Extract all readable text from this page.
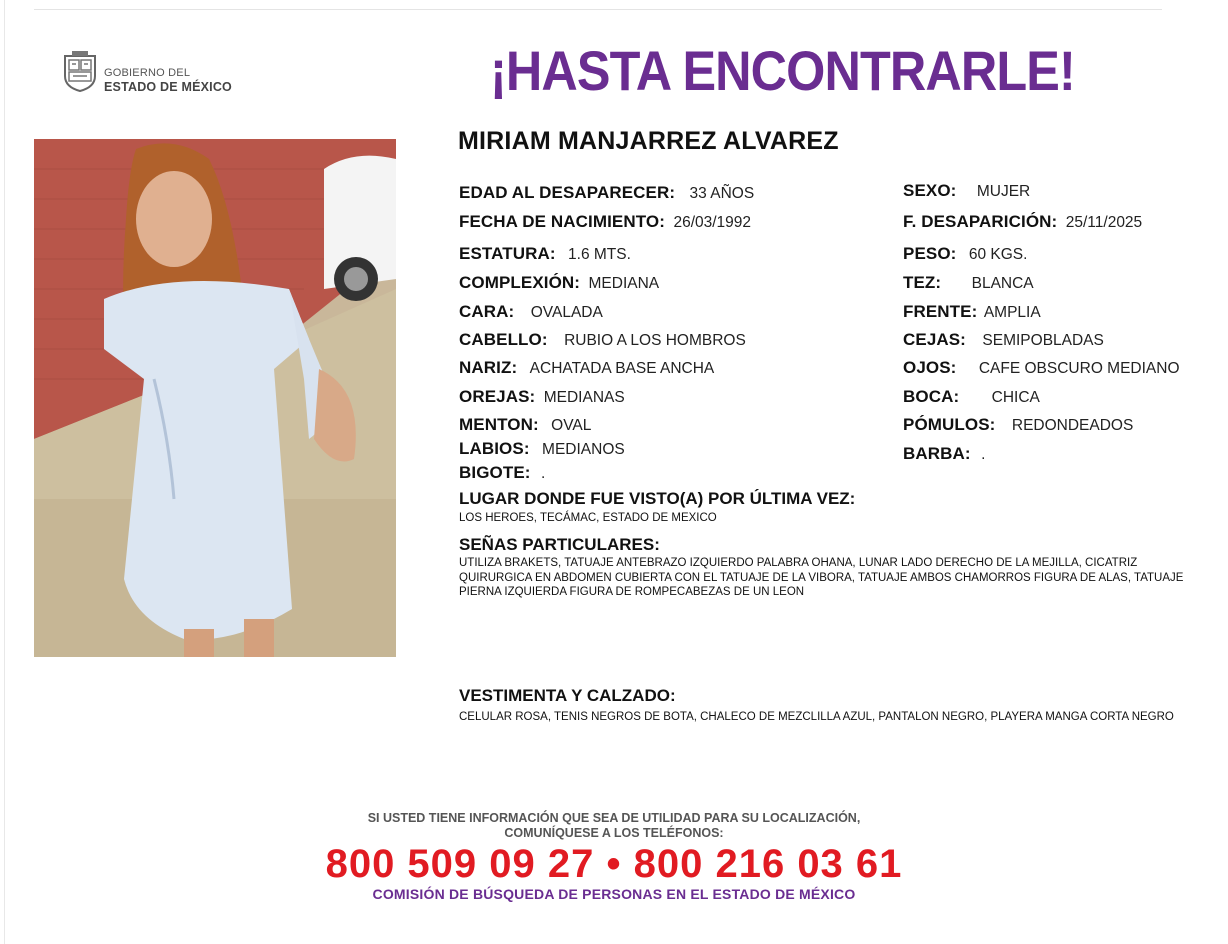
GOBIERNO DEL
ESTADO DE MÉXICO	¡HASTA ENCONTRARLE!
MIRIAM MANJARREZ ALVAREZ
EDAD AL DESAPARECER: 33 AÑOS
FECHA DE NACIMIENTO: 26/03/1992
ESTATURA: 1.6 MTS.
COMPLEXIÓN: MEDIANA
CARA: OVALADA
CABELLO: RUBIO A LOS HOMBROS
NARIZ: ACHATADA BASE ANCHA
OREJAS: MEDIANAS
MENTON: OVAL
LABIOS: MEDIANOS
BIGOTE: .
SEXO: MUJER
F. DESAPARICIÓN: 25/11/2025
PESO: 60 KGS.
TEZ: BLANCA
FRENTE: AMPLIA
CEJAS: SEMIPOBLADAS
OJOS: CAFE OBSCURO MEDIANO
BOCA: CHICA
PÓMULOS: REDONDEADOS
BARBA: .
LUGAR DONDE FUE VISTO(A) POR ÚLTIMA VEZ:
LOS HEROES, TECÁMAC, ESTADO DE MEXICO
SEÑAS PARTICULARES:
UTILIZA BRAKETS, TATUAJE ANTEBRAZO IZQUIERDO PALABRA OHANA, LUNAR LADO DERECHO DE LA MEJILLA, CICATRIZ QUIRURGICA EN ABDOMEN CUBIERTA CON EL TATUAJE DE LA VIBORA, TATUAJE AMBOS CHAMORROS FIGURA DE ALAS, TATUAJE PIERNA IZQUIERDA FIGURA DE ROMPECABEZAS DE UN LEON
VESTIMENTA Y CALZADO:
CELULAR ROSA, TENIS NEGROS DE BOTA, CHALECO DE MEZCLILLA AZUL, PANTALON NEGRO, PLAYERA MANGA CORTA NEGRO
SI USTED TIENE INFORMACIÓN QUE SEA DE UTILIDAD PARA SU LOCALIZACIÓN,
COMUNÍQUESE A LOS TELÉFONOS:
800 509 09 27 • 800 216 03 61
COMISIÓN DE BÚSQUEDA DE PERSONAS EN EL ESTADO DE MÉXICO
